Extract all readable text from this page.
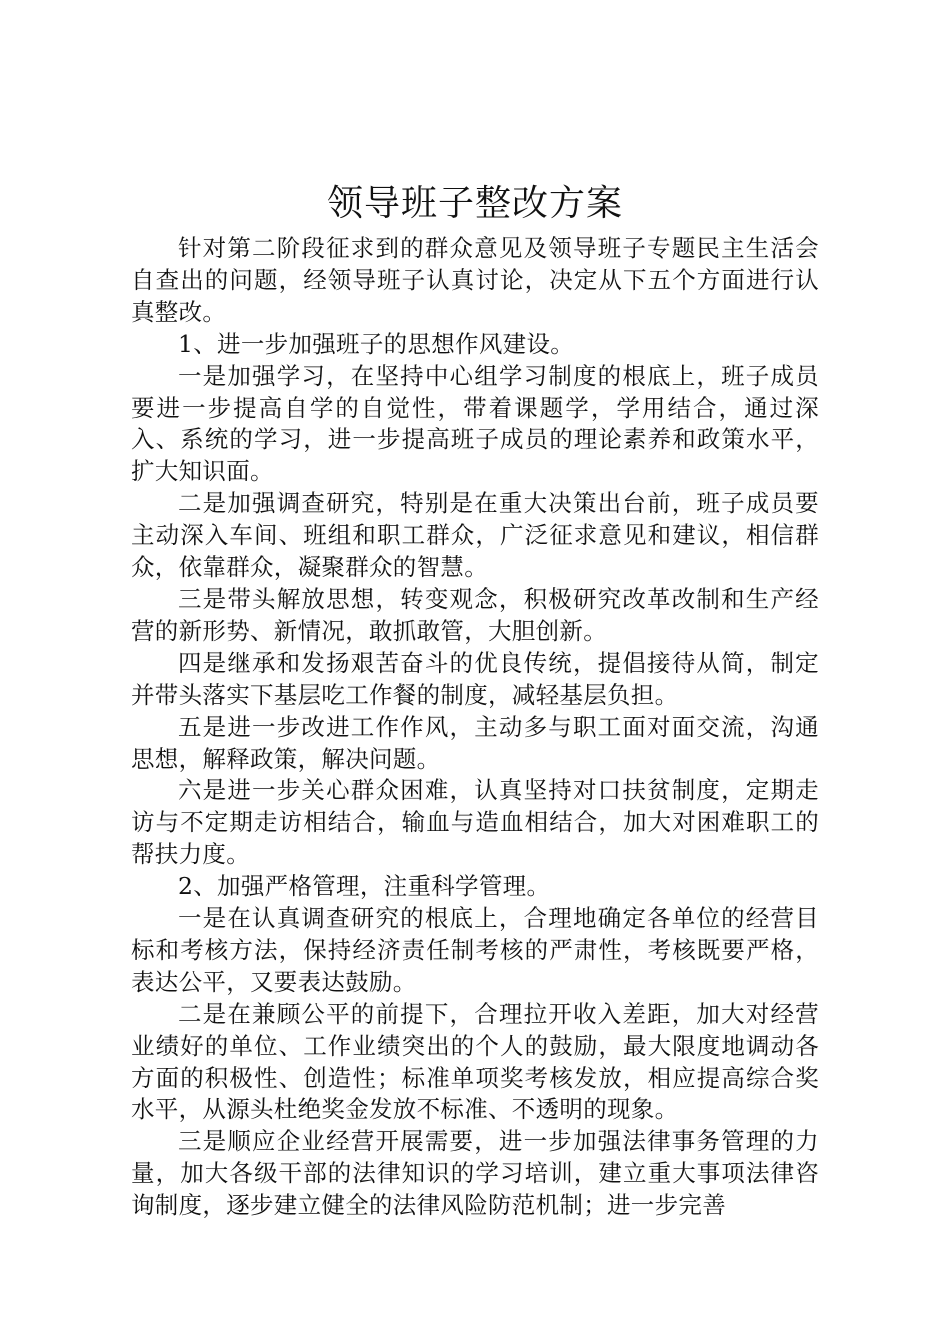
领导班子整改方案

针对第二阶段征求到的群众意见及领导班子专题民主生活会自查出的问题，经领导班子认真讨论，决定从下五个方面进行认真整改。

1、进一步加强班子的思想作风建设。

一是加强学习，在坚持中心组学习制度的根底上，班子成员要进一步提高自学的自觉性，带着课题学，学用结合，通过深入、系统的学习，进一步提高班子成员的理论素养和政策水平，扩大知识面。

二是加强调查研究，特别是在重大决策出台前，班子成员要主动深入车间、班组和职工群众，广泛征求意见和建议，相信群众，依靠群众，凝聚群众的智慧。

三是带头解放思想，转变观念，积极研究改革改制和生产经营的新形势、新情况，敢抓敢管，大胆创新。

四是继承和发扬艰苦奋斗的优良传统，提倡接待从简，制定并带头落实下基层吃工作餐的制度，减轻基层负担。

五是进一步改进工作作风，主动多与职工面对面交流，沟通思想，解释政策，解决问题。

六是进一步关心群众困难，认真坚持对口扶贫制度，定期走访与不定期走访相结合，输血与造血相结合，加大对困难职工的帮扶力度。

2、加强严格管理，注重科学管理。

一是在认真调查研究的根底上，合理地确定各单位的经营目标和考核方法，保持经济责任制考核的严肃性，考核既要严格，表达公平，又要表达鼓励。

二是在兼顾公平的前提下，合理拉开收入差距，加大对经营业绩好的单位、工作业绩突出的个人的鼓励，最大限度地调动各方面的积极性、创造性；标准单项奖考核发放，相应提高综合奖水平，从源头杜绝奖金发放不标准、不透明的现象。

三是顺应企业经营开展需要，进一步加强法律事务管理的力量，加大各级干部的法律知识的学习培训，建立重大事项法律咨询制度，逐步建立健全的法律风险防范机制；进一步完善
